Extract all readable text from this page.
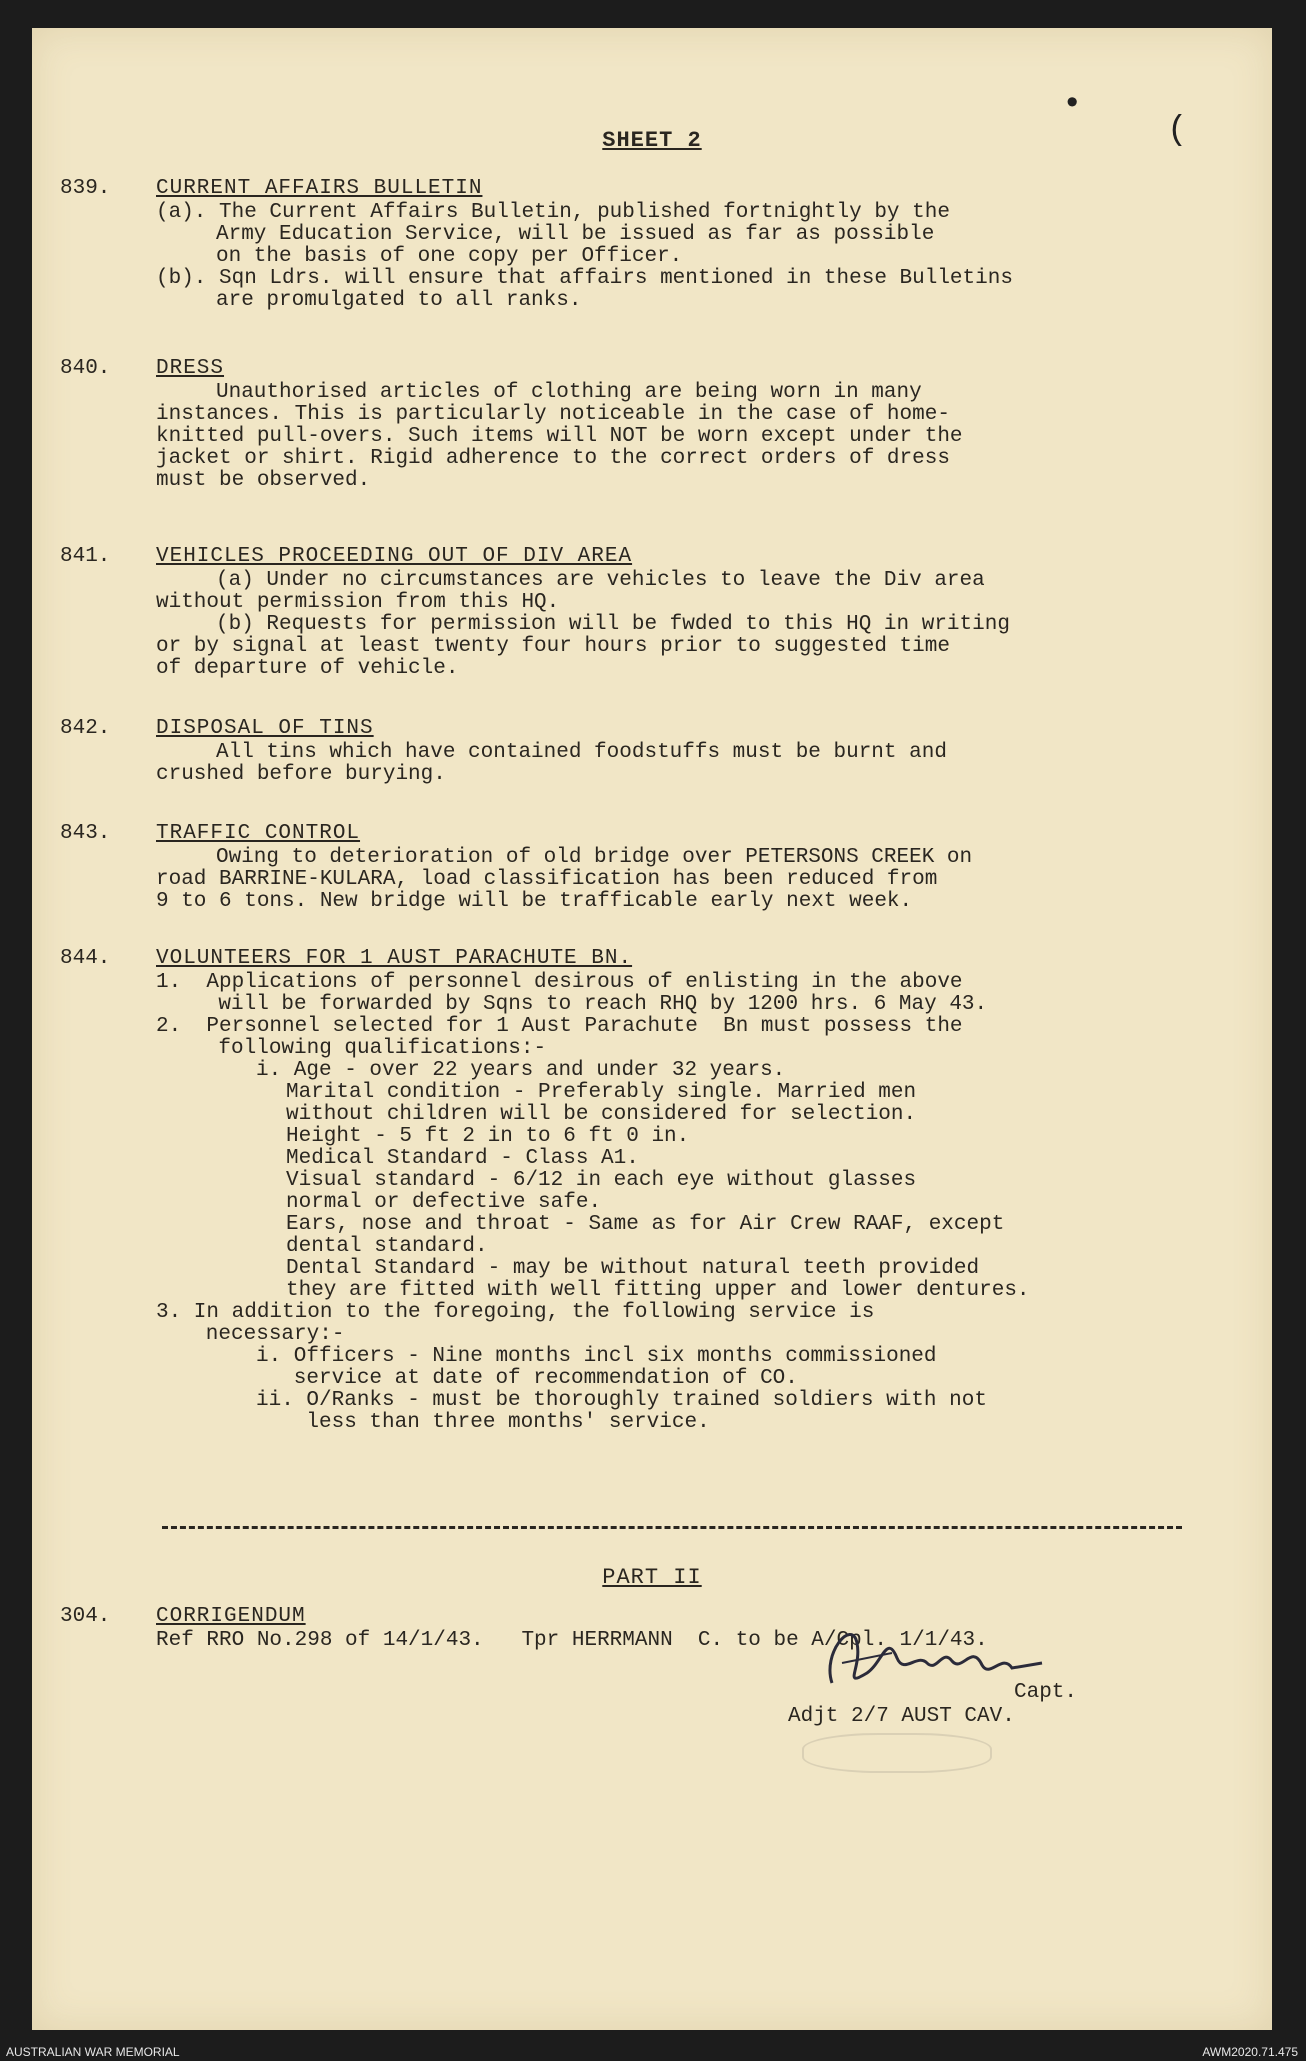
•
(
SHEET 2
839.	CURRENT AFFAIRS BULLETIN
(a). The Current Affairs Bulletin, published fortnightly by the
Army Education Service, will be issued as far as possible
on the basis of one copy per Officer.
(b). Sqn Ldrs. will ensure that affairs mentioned in these Bulletins
are promulgated to all ranks.
840.	DRESS
Unauthorised articles of clothing are being worn in many
instances. This is particularly noticeable in the case of home-
knitted pull-overs. Such items will NOT be worn except under the
jacket or shirt. Rigid adherence to the correct orders of dress
must be observed.
841.	VEHICLES PROCEEDING OUT OF DIV AREA
(a) Under no circumstances are vehicles to leave the Div area
without permission from this HQ.
(b) Requests for permission will be fwded to this HQ in writing
or by signal at least twenty four hours prior to suggested time
of departure of vehicle.
842.	DISPOSAL OF TINS
All tins which have contained foodstuffs must be burnt and
crushed before burying.
843.	TRAFFIC CONTROL
Owing to deterioration of old bridge over PETERSONS CREEK on
road BARRINE-KULARA, load classification has been reduced from
9 to 6 tons. New bridge will be trafficable early next week.
844.	VOLUNTEERS FOR 1 AUST PARACHUTE BN.
1.  Applications of personnel desirous of enlisting in the above
will be forwarded by Sqns to reach RHQ by 1200 hrs. 6 May 43.
2.  Personnel selected for 1 Aust Parachute  Bn must possess the
following qualifications:-
i. Age - over 22 years and under 32 years.
Marital condition - Preferably single. Married men
without children will be considered for selection.
Height - 5 ft 2 in to 6 ft 0 in.
Medical Standard - Class A1.
Visual standard - 6/12 in each eye without glasses
normal or defective safe.
Ears, nose and throat - Same as for Air Crew RAAF, except
dental standard.
Dental Standard - may be without natural teeth provided
they are fitted with well fitting upper and lower dentures.
3. In addition to the foregoing, the following service is
necessary:-
i. Officers - Nine months incl six months commissioned
service at date of recommendation of CO.
ii. O/Ranks - must be thoroughly trained soldiers with not
less than three months' service.
PART II
304.	CORRIGENDUM
Ref RRO No.298 of 14/1/43.   Tpr HERRMANN  C. to be A/Cpl. 1/1/43.
Capt.
Adjt 2/7 AUST CAV.
AUSTRALIAN WAR MEMORIAL	AWM2020.71.475
